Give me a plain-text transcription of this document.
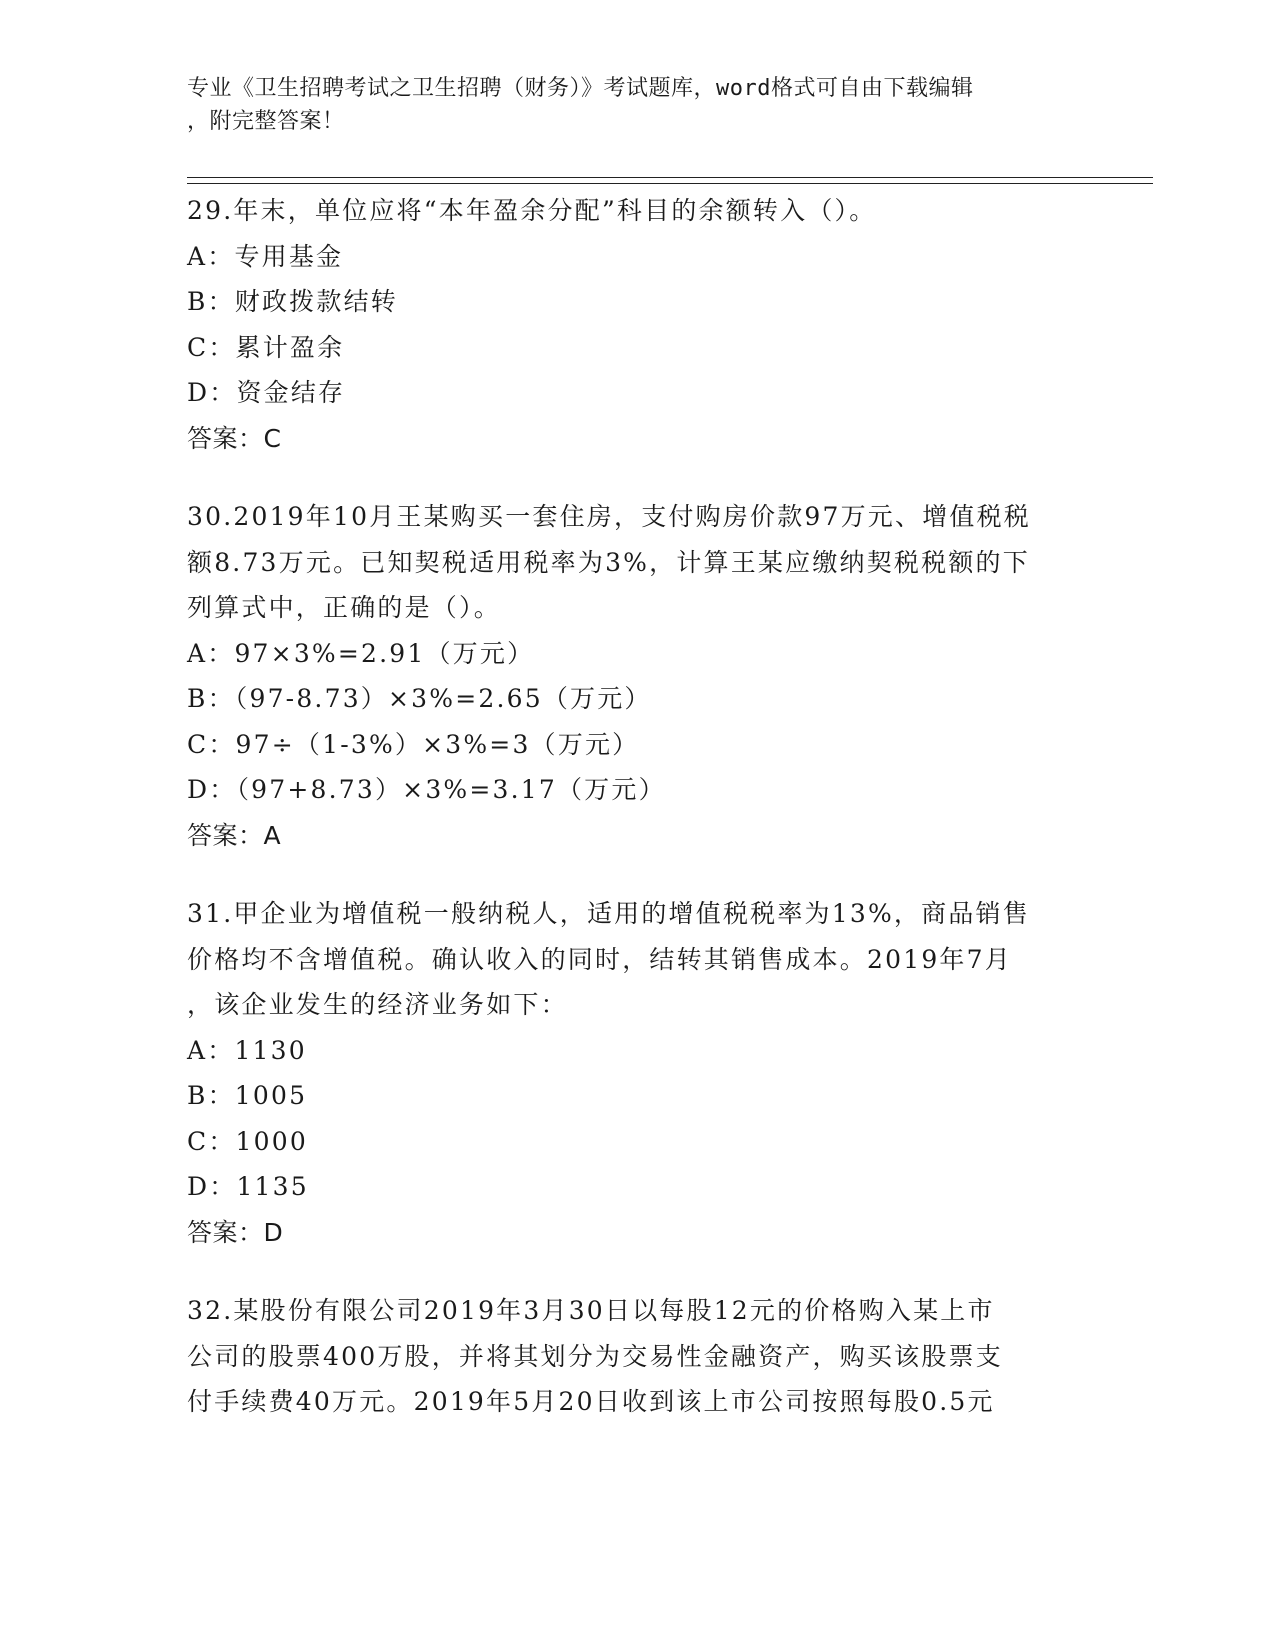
专业《卫生招聘考试之卫生招聘（财务）》考试题库，word格式可自由下载编辑
，附完整答案！
29.年末，单位应将“本年盈余分配”科目的余额转入（）。
A：专用基金
B：财政拨款结转
C：累计盈余
D：资金结存
答案：C
30.2019年10月王某购买一套住房，支付购房价款97万元、增值税税
额8.73万元。已知契税适用税率为3%，计算王某应缴纳契税税额的下
列算式中，正确的是（）。
A：97×3%=2.91（万元）
B：（97-8.73）×3%=2.65（万元）
C：97÷（1-3%）×3%=3（万元）
D：（97+8.73）×3%=3.17（万元）
答案：A
31.甲企业为增值税一般纳税人，适用的增值税税率为13%，商品销售
价格均不含增值税。确认收入的同时，结转其销售成本。2019年7月
，该企业发生的经济业务如下：
A：1130
B：1005
C：1000
D：1135
答案：D
32.某股份有限公司2019年3月30日以每股12元的价格购入某上市
公司的股票400万股，并将其划分为交易性金融资产，购买该股票支
付手续费40万元。2019年5月20日收到该上市公司按照每股0.5元
